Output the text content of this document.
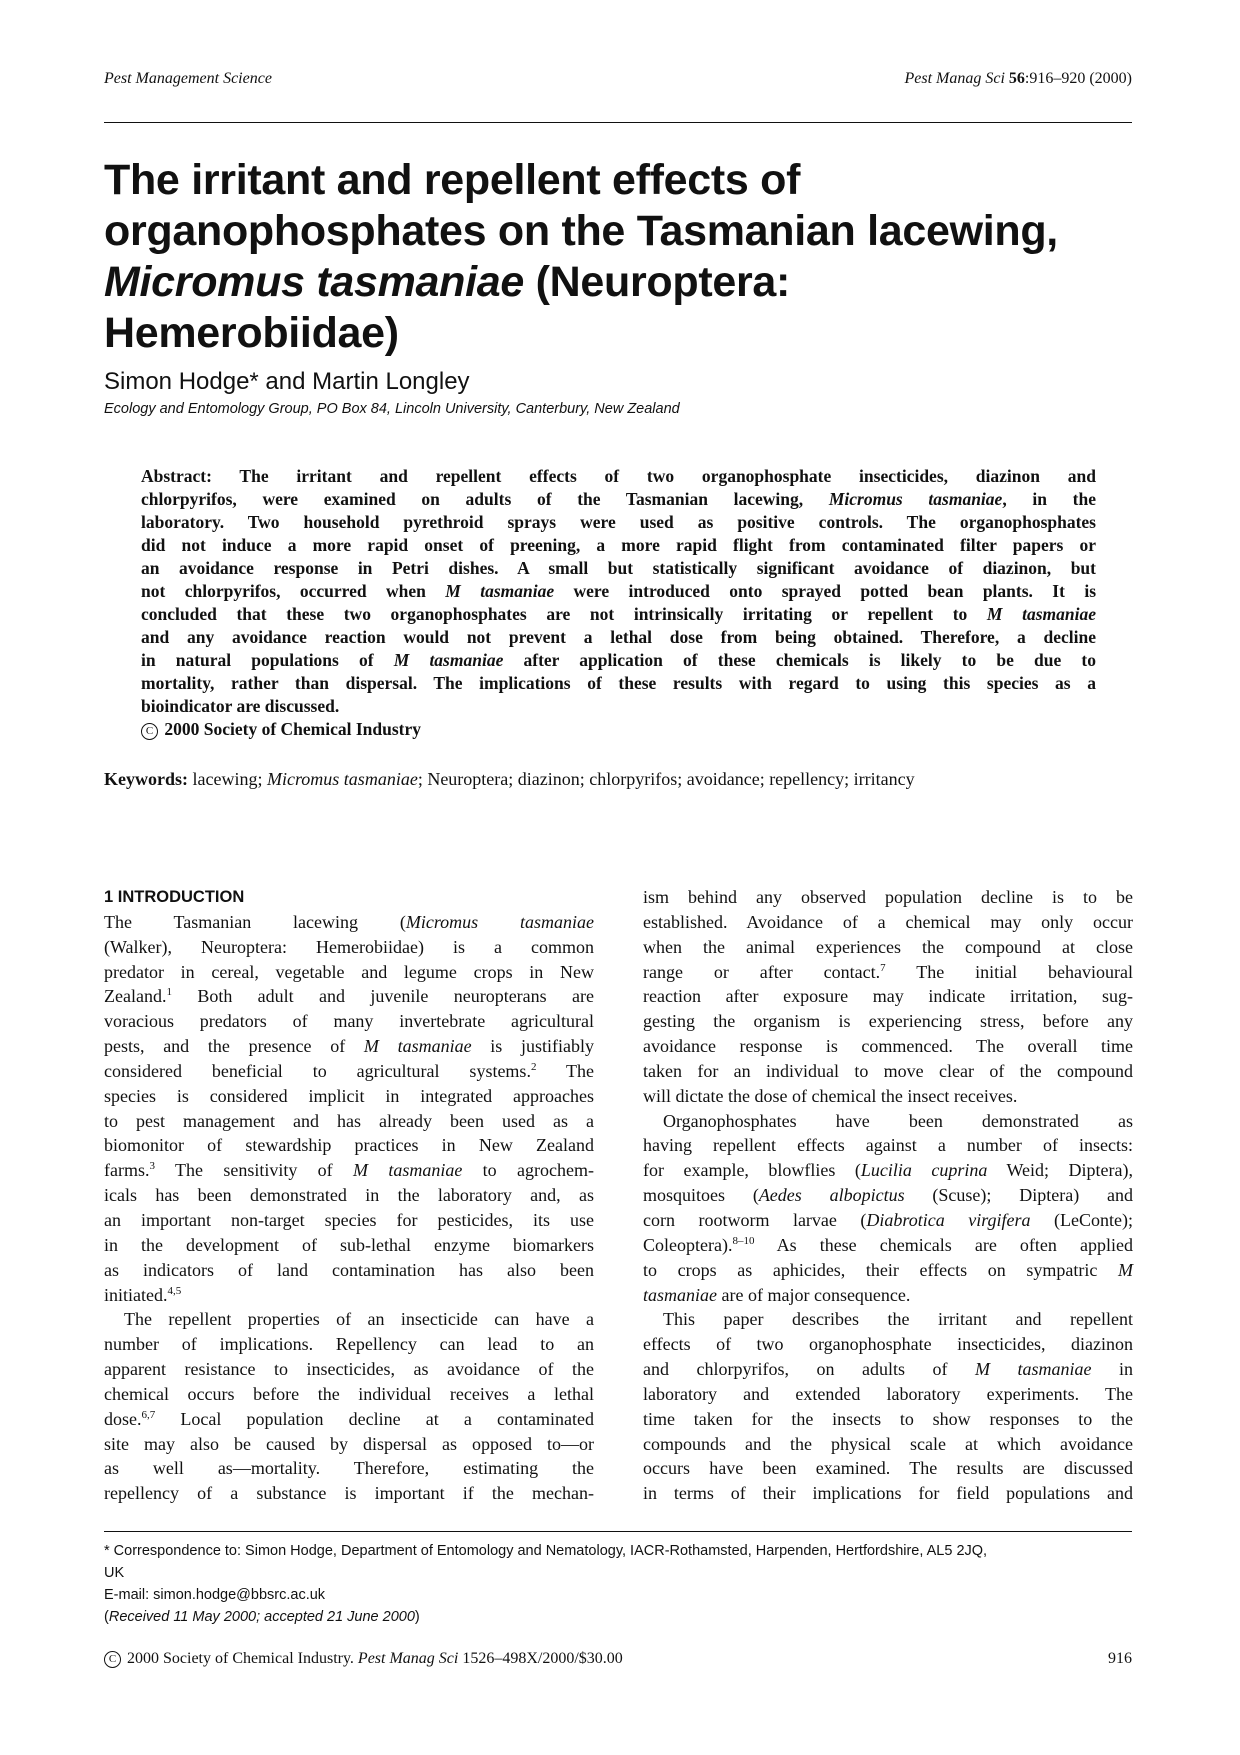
Pest Management Science	Pest Manag Sci 56:916–920 (2000)
The irritant and repellent effects of
organophosphates on the Tasmanian lacewing,
Micromus tasmaniae (Neuroptera:
Hemerobiidae)
Simon Hodge* and Martin Longley
Ecology and Entomology Group, PO Box 84, Lincoln University, Canterbury, New Zealand
Abstract: The irritant and repellent effects of two organophosphate insecticides, diazinon and
chlorpyrifos, were examined on adults of the Tasmanian lacewing, Micromus tasmaniae, in the
laboratory. Two household pyrethroid sprays were used as positive controls. The organophosphates
did not induce a more rapid onset of preening, a more rapid flight from contaminated filter papers or
an avoidance response in Petri dishes. A small but statistically significant avoidance of diazinon, but
not chlorpyrifos, occurred when M tasmaniae were introduced onto sprayed potted bean plants. It is
concluded that these two organophosphates are not intrinsically irritating or repellent to M tasmaniae
and any avoidance reaction would not prevent a lethal dose from being obtained. Therefore, a decline
in natural populations of M tasmaniae after application of these chemicals is likely to be due to
mortality, rather than dispersal. The implications of these results with regard to using this species as a
bioindicator are discussed.
C 2000 Society of Chemical Industry
Keywords: lacewing; Micromus tasmaniae; Neuroptera; diazinon; chlorpyrifos; avoidance; repellency; irritancy
1 INTRODUCTION
The Tasmanian lacewing (Micromus tasmaniae
(Walker), Neuroptera: Hemerobiidae) is a common
predator in cereal, vegetable and legume crops in New
Zealand.$^1$ Both adult and juvenile neuropterans are
voracious predators of many invertebrate agricultural
pests, and the presence of M tasmaniae is justifiably
considered beneficial to agricultural systems.$^2$ The
species is considered implicit in integrated approaches
to pest management and has already been used as a
biomonitor of stewardship practices in New Zealand
farms.$^3$ The sensitivity of M tasmaniae to agrochem-
icals has been demonstrated in the laboratory and, as
an important non-target species for pesticides, its use
in the development of sub-lethal enzyme biomarkers
as indicators of land contamination has also been
initiated.$^{4,5}$
The repellent properties of an insecticide can have a
number of implications. Repellency can lead to an
apparent resistance to insecticides, as avoidance of the
chemical occurs before the individual receives a lethal
dose.$^{6,7}$ Local population decline at a contaminated
site may also be caused by dispersal as opposed to—or
as well as—mortality. Therefore, estimating the
repellency of a substance is important if the mechan-
ism behind any observed population decline is to be
established. Avoidance of a chemical may only occur
when the animal experiences the compound at close
range or after contact.$^7$ The initial behavioural
reaction after exposure may indicate irritation, sug-
gesting the organism is experiencing stress, before any
avoidance response is commenced. The overall time
taken for an individual to move clear of the compound
will dictate the dose of chemical the insect receives.
Organophosphates have been demonstrated as
having repellent effects against a number of insects:
for example, blowflies (Lucilia cuprina Weid; Diptera),
mosquitoes (Aedes albopictus (Scuse); Diptera) and
corn rootworm larvae (Diabrotica virgifera (LeConte);
Coleoptera).$^{8-10}$ As these chemicals are often applied
to crops as aphicides, their effects on sympatric M
tasmaniae are of major consequence.
This paper describes the irritant and repellent
effects of two organophosphate insecticides, diazinon
and chlorpyrifos, on adults of M tasmaniae in
laboratory and extended laboratory experiments. The
time taken for the insects to show responses to the
compounds and the physical scale at which avoidance
occurs have been examined. The results are discussed
in terms of their implications for field populations and
* Correspondence to: Simon Hodge, Department of Entomology and Nematology, IACR-Rothamsted, Harpenden, Hertfordshire, AL5 2JQ,
UK
E-mail: simon.hodge@bbsrc.ac.uk
(Received 11 May 2000; accepted 21 June 2000)
C 2000 Society of Chemical Industry. Pest Manag Sci 1526–498X/2000/$30.00	916
